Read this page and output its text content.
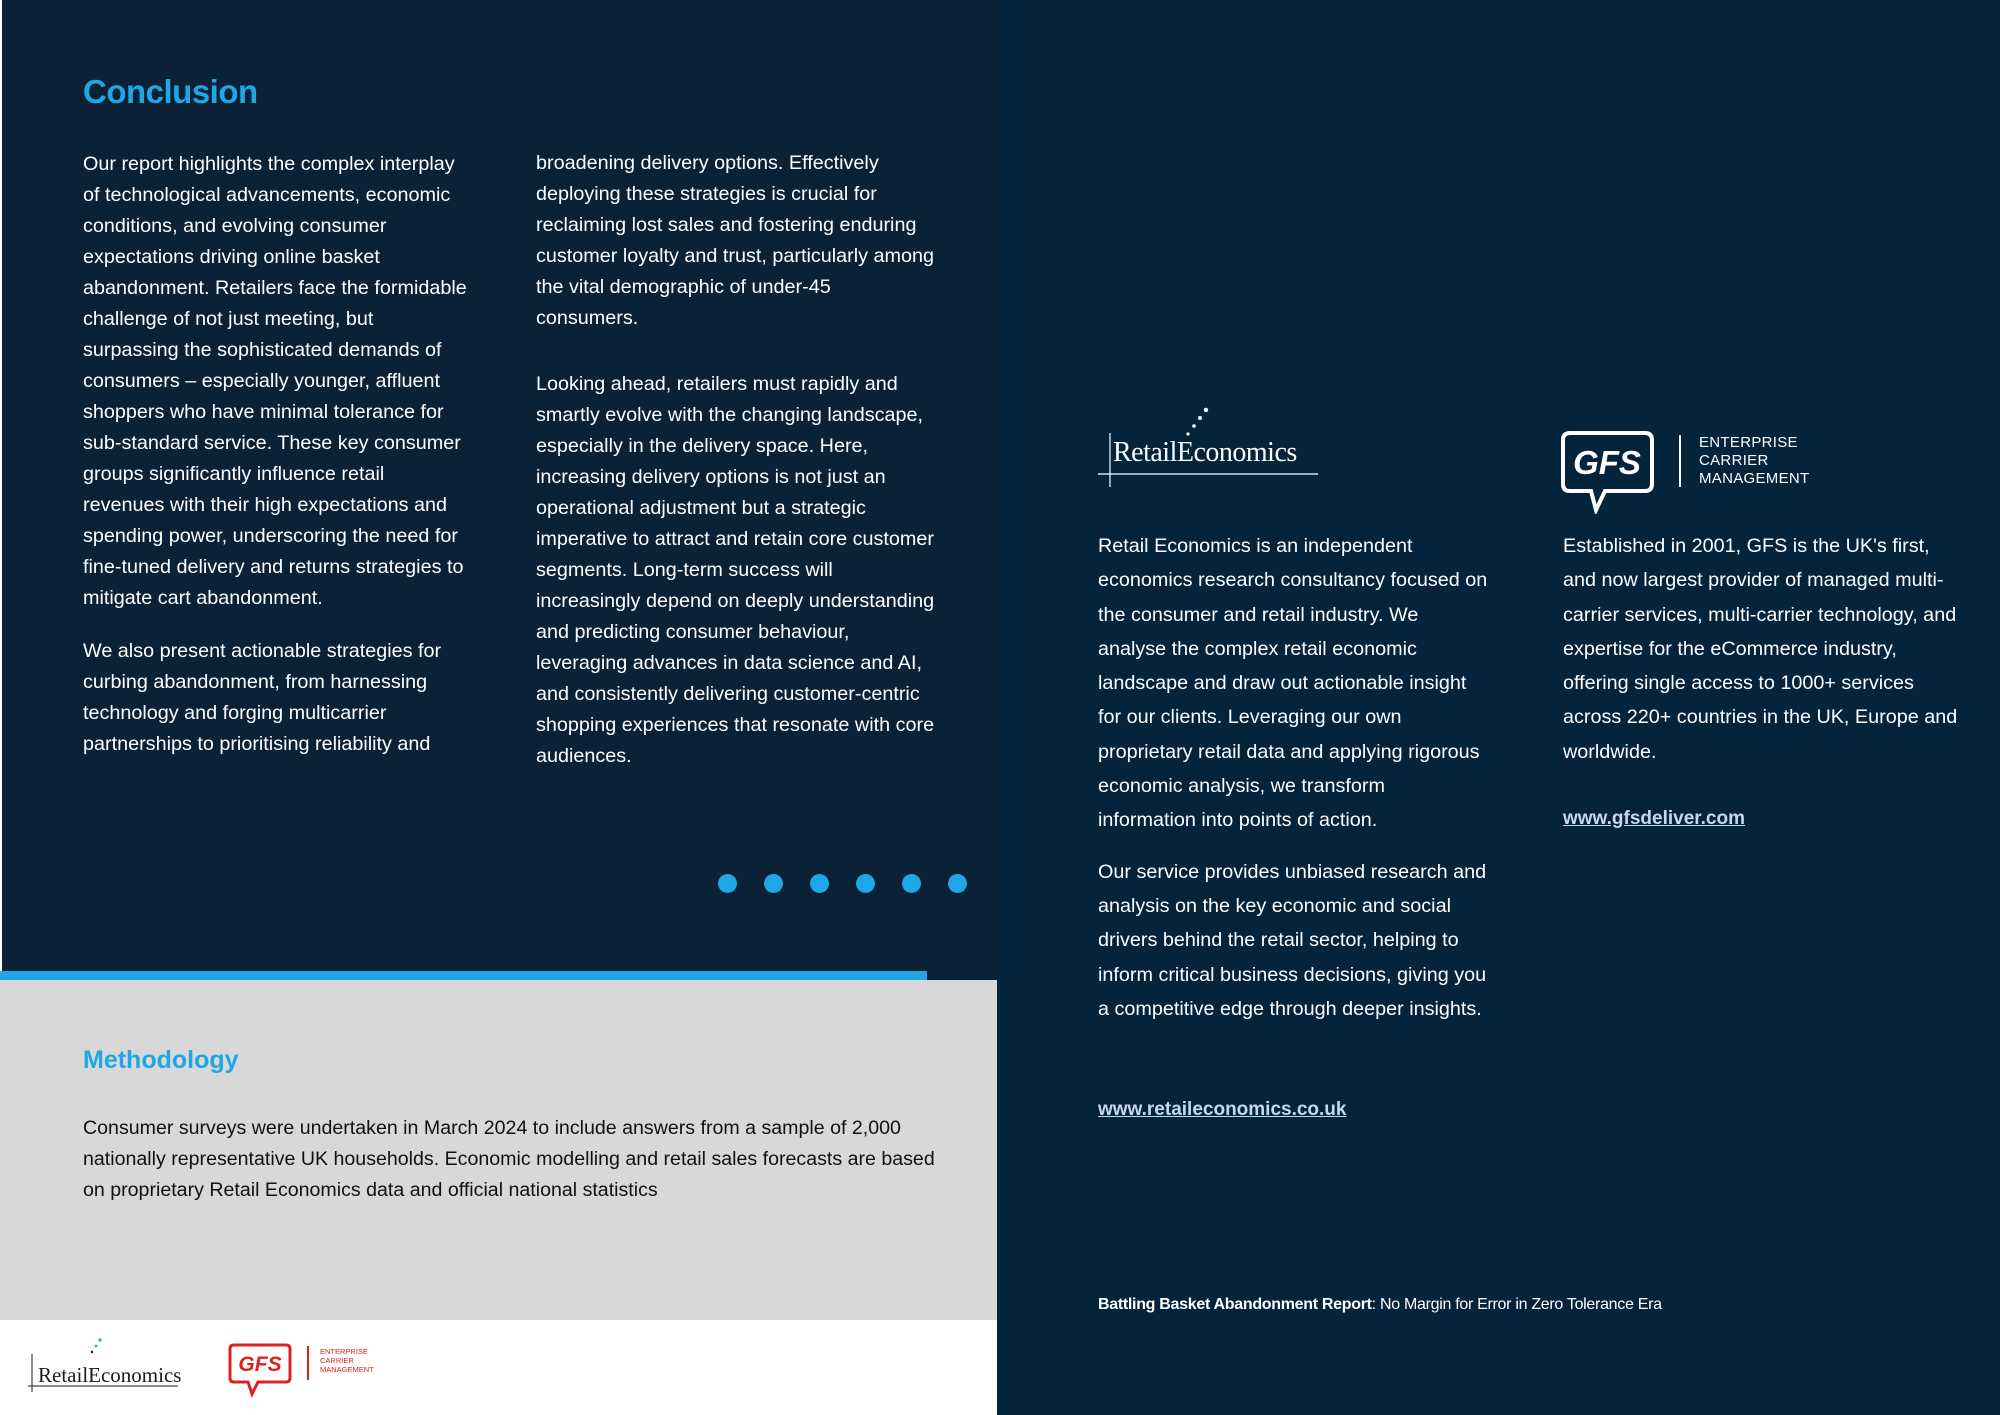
Conclusion

Our report highlights the complex interplay of technological advancements, economic conditions, and evolving consumer expectations driving online basket abandonment. Retailers face the formidable challenge of not just meeting, but surpassing the sophisticated demands of consumers – especially younger, affluent shoppers who have minimal tolerance for sub-standard service. These key consumer groups significantly influence retail revenues with their high expectations and spending power, underscoring the need for fine-tuned delivery and returns strategies to mitigate cart abandonment.

We also present actionable strategies for curbing abandonment, from harnessing technology and forging multicarrier partnerships to prioritising reliability and

broadening delivery options. Effectively deploying these strategies is crucial for reclaiming lost sales and fostering enduring customer loyalty and trust, particularly among the vital demographic of under-45 consumers.

Looking ahead, retailers must rapidly and smartly evolve with the changing landscape, especially in the delivery space. Here, increasing delivery options is not just an operational adjustment but a strategic imperative to attract and retain core customer segments. Long-term success will increasingly depend on deeply understanding and predicting consumer behaviour, leveraging advances in data science and AI, and consistently delivering customer-centric shopping experiences that resonate with core audiences.

Methodology
Consumer surveys were undertaken in March 2024 to include answers from a sample of 2,000 nationally representative UK households. Economic modelling and retail sales forecasts are based on proprietary Retail Economics data and official national statistics
RetailEconomics	GFS
ENTERPRISE
CARRIER
MANAGEMENT
RetailEconomics	GFS
ENTERPRISE
CARRIER
MANAGEMENT

Retail Economics is an independent economics research consultancy focused on the consumer and retail industry. We analyse the complex retail economic landscape and draw out actionable insight for our clients. Leveraging our own proprietary retail data and applying rigorous economic analysis, we transform information into points of action.

Our service provides unbiased research and analysis on the key economic and social drivers behind the retail sector, helping to inform critical business decisions, giving you a competitive edge through deeper insights.

www.retaileconomics.co.uk

Established in 2001, GFS is the UK's first, and now largest provider of managed multi-carrier services, multi-carrier technology, and expertise for the eCommerce industry, offering single access to 1000+ services across 220+ countries in the UK, Europe and worldwide.

www.gfsdeliver.com
Battling Basket Abandonment Report: No Margin for Error in Zero Tolerance Era
